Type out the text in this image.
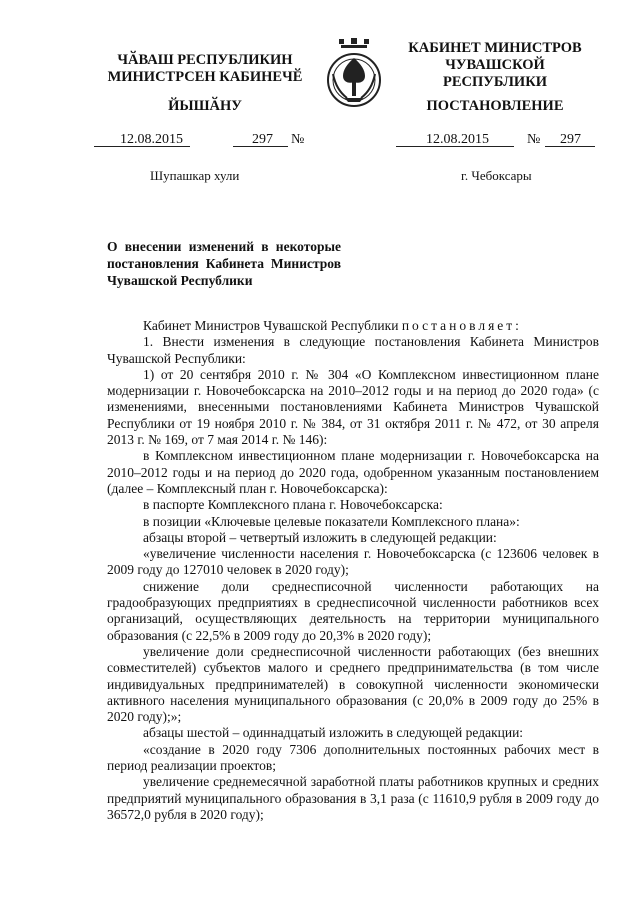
ЧӐВАШ РЕСПУБЛИКИН
МИНИСТРСЕН КАБИНЕЧӖ
ЙЫШӐНУ
КАБИНЕТ МИНИСТРОВ
ЧУВАШСКОЙ РЕСПУБЛИКИ
ПОСТАНОВЛЕНИЕ
12.08.2015	297 №	12.08.2015	№ 297
Шупашкар хули	г. Чебоксары
О внесении изменений в некоторые постановления Кабинета Министров Чувашской Республики

Кабинет Министров Чувашской Республики постановляет:

1. Внести изменения в следующие постановления Кабинета Министров Чувашской Республики:

1) от 20 сентября 2010 г. № 304 «О Комплексном инвестиционном плане модернизации г. Новочебоксарска на 2010–2012 годы и на период до 2020 года» (с изменениями, внесенными постановлениями Кабинета Министров Чувашской Республики от 19 ноября 2010 г. № 384, от 31 октября 2011 г. № 472, от 30 апреля 2013 г. № 169, от 7 мая 2014 г. № 146):

в Комплексном инвестиционном плане модернизации г. Новочебоксарска на 2010–2012 годы и на период до 2020 года, одобренном указанным постановлением (далее – Комплексный план г. Новочебоксарска):

в паспорте Комплексного плана г. Новочебоксарска:

в позиции «Ключевые целевые показатели Комплексного плана»:

абзацы второй – четвертый изложить в следующей редакции:

«увеличение численности населения г. Новочебоксарска (с 123606 человек в 2009 году до 127010 человек в 2020 году);

снижение доли среднесписочной численности работающих на градообразующих предприятиях в среднесписочной численности работников всех организаций, осуществляющих деятельность на территории муниципального образования (с 22,5% в 2009 году до 20,3% в 2020 году);

увеличение доли среднесписочной численности работающих (без внешних совместителей) субъектов малого и среднего предпринимательства (в том числе индивидуальных предпринимателей) в совокупной численности экономически активного населения муниципального образования (с 20,0% в 2009 году до 25% в 2020 году);»;

абзацы шестой – одиннадцатый изложить в следующей редакции:

«создание в 2020 году 7306 дополнительных постоянных рабочих мест в период реализации проектов;

увеличение среднемесячной заработной платы работников крупных и средних предприятий муниципального образования в 3,1 раза (с 11610,9 рубля в 2009 году до 36572,0 рубля в 2020 году);
